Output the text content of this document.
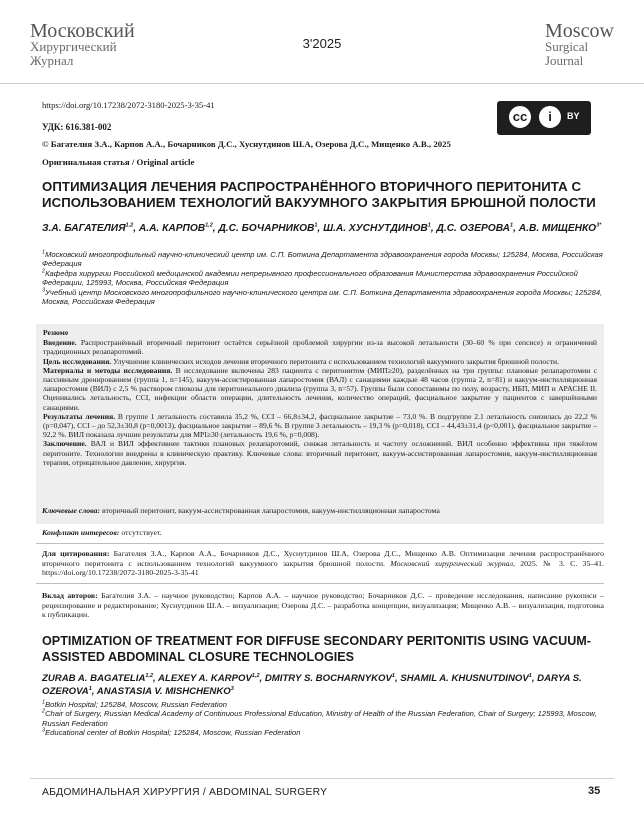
Московский
Хирургический
Журнал
3'2025
Moscow
Surgical
Journal
https://doi.org/10.17238/2072-3180-2025-3-35-41
cc	i	BY
УДК: 616.381-002
© Багателия З.А., Карпов А.А., Бочарников Д.С., Хуснутдинов Ш.А, Озерова Д.С., Мищенко А.В., 2025
Оригинальная статья / Original article
ОПТИМИЗАЦИЯ ЛЕЧЕНИЯ РАСПРОСТРАНЁННОГО ВТОРИЧНОГО ПЕРИТОНИТА С ИСПОЛЬЗОВАНИЕМ ТЕХНОЛОГИЙ ВАКУУМНОГО ЗАКРЫТИЯ БРЮШНОЙ ПОЛОСТИ
З.А. БАГАТЕЛИЯ$^{1,2}$, А.А. КАРПОВ$^{1,2}$, Д.С. БОЧАРНИКОВ$^1$, Ш.А. ХУСНУТДИНОВ$^1$, Д.С. ОЗЕРОВА$^1$, А.В. $МИЩЕНКО^{3*}$

$^1$Московский многопрофильный научно-клинический центр им. С.П. Боткина Департамента здравоохранения города Москвы; 125284, Москва, Российская Федерация

$^2$Кафедра хирургии Российской медицинской академии непрерывного профессионального образования Министерства здравоохранения Российской Федерации, 125993, Москва, Российская Федерация

$^3$Учебный центр Московского многопрофильного научно-клинического центра им. С.П. Боткина Департамента здравоохранения города Москвы; 125284, Москва, Российская Федерация

Резюме

Введение. Распространённый вторичный перитонит остаётся серьёзной проблемой хирургии из-за высокой летальности (30–60 % при сепсисе) и ограничений традиционных релапаротомий.

Цель исследования. Улучшение клинических исходов лечения вторичного перитонита с использованием технологий вакуумного закрытия брюшной полости.

Материалы и методы исследования. В исследование включены 283 пациента с перитонитом (МИП≥20), разделённых на три группы: плановые релапаротомии с пассивным дренированием (группа 1, n=145), вакуум-ассистированная лапаростомия (ВАЛ) с санациями каждые 48 часов (группа 2, n=81) и вакуум-инстилляционная лапаростомия (ВИЛ) с 2,5 % раствором глюкозы для перитонеального диализа (группа 3, n=57). Группы были сопоставимы по полу, возрасту, ИБП, МИП и APACHE II. Оценивались летальность, CCI, инфекции области операции, длительность лечения, количество операций, фасциальное закрытие у пациентов с завершёнными санациями.

Результаты лечения. В группе 1 летальность составила 35,2 %, CCI – 66,8±34,2, фасциальное закрытие – 73,0 %. В подгруппе 2.1 летальность снизилась до 22,2 % (p=0,047), CCI – до 52,3±30,8 (p=0,0013), фасциальное закрытие – 89,6 %. В группе 3 летальность – 19,3 % (p=0,018), CCI – 44,43±31,4 (p<0,001), фасциальное закрытие – 92,2 %. ВИЛ показала лучшие результаты для МРI≥30 (летальность 19,6 %, p=0,008).

Заключение. ВАЛ и ВИЛ эффективнее тактики плановых релапаротомий, снижая летальность и частоту осложнений. ВИЛ особенно эффективна при тяжёлом перитоните. Технологии внедрены в клиническую практику. Ключевые слова: вторичный перитонит, вакуум-ассистированная лапаростомия, вакуум-инстилляционная терапия, отрицательное давление, хирургия.

Ключевые слова: вторичный перитонит, вакуум-ассистированная лапаростомия, вакуум-инстилляционная лапаростома
Конфликт интересов: отсутствует.
Для цитирования: Багателия З.А., Карпов А.А., Бочарников Д.С., Хуснутдинов Ш.А, Озерова Д.С., Мищенко А.В. Оптимизация лечения распространённого вторичного перитонита с использованием технологий вакуумного закрытия брюшной полости. Московский хирургический журнал, 2025. № 3. С. 35–41. https://doi.org/10.17238/2072-3180-2025-3-35-41
Вклад авторов: Багателия З.А. – научное руководство; Карпов А.А. – научное руководство; Бочарников Д.С. – проведение исследования, написание рукописи – рецензирование и редактирование; Хуснутдинов Ш.А. – визуализация; Озерова Д.С. – разработка концепции, визуализация; Мищенко А.В. – визуализация, подготовка к публикации.
OPTIMIZATION OF TREATMENT FOR DIFFUSE SECONDARY PERITONITIS USING VACUUM-ASSISTED ABDOMINAL CLOSURE TECHNOLOGIES
ZURAB A. BAGATELIA$^{1,2}$, ALEXEY A. KARPOV$^{1,2}$, DMITRY S. BOCHARNYKOV$^1$, SHAMIL A. KHUSNUTDINOV$^1$, DARYA S. OZEROVA$^1$, ANASTASIA V. MISHCHENKO$^3$

$^1$Botkin Hospital; 125284, Moscow, Russian Federation

$^2$Chair of Surgery, Russian Medical Academy of Continuous Professional Education, Ministry of Health of the Russian Federation, Chair of Surgery; 125993, Moscow, Russian Federation

$^3$Educational center of Botkin Hospital; 125284, Moscow, Russian Federation

АБДОМИНАЛЬНАЯ ХИРУРГИЯ / ABDOMINAL SURGERY	35
